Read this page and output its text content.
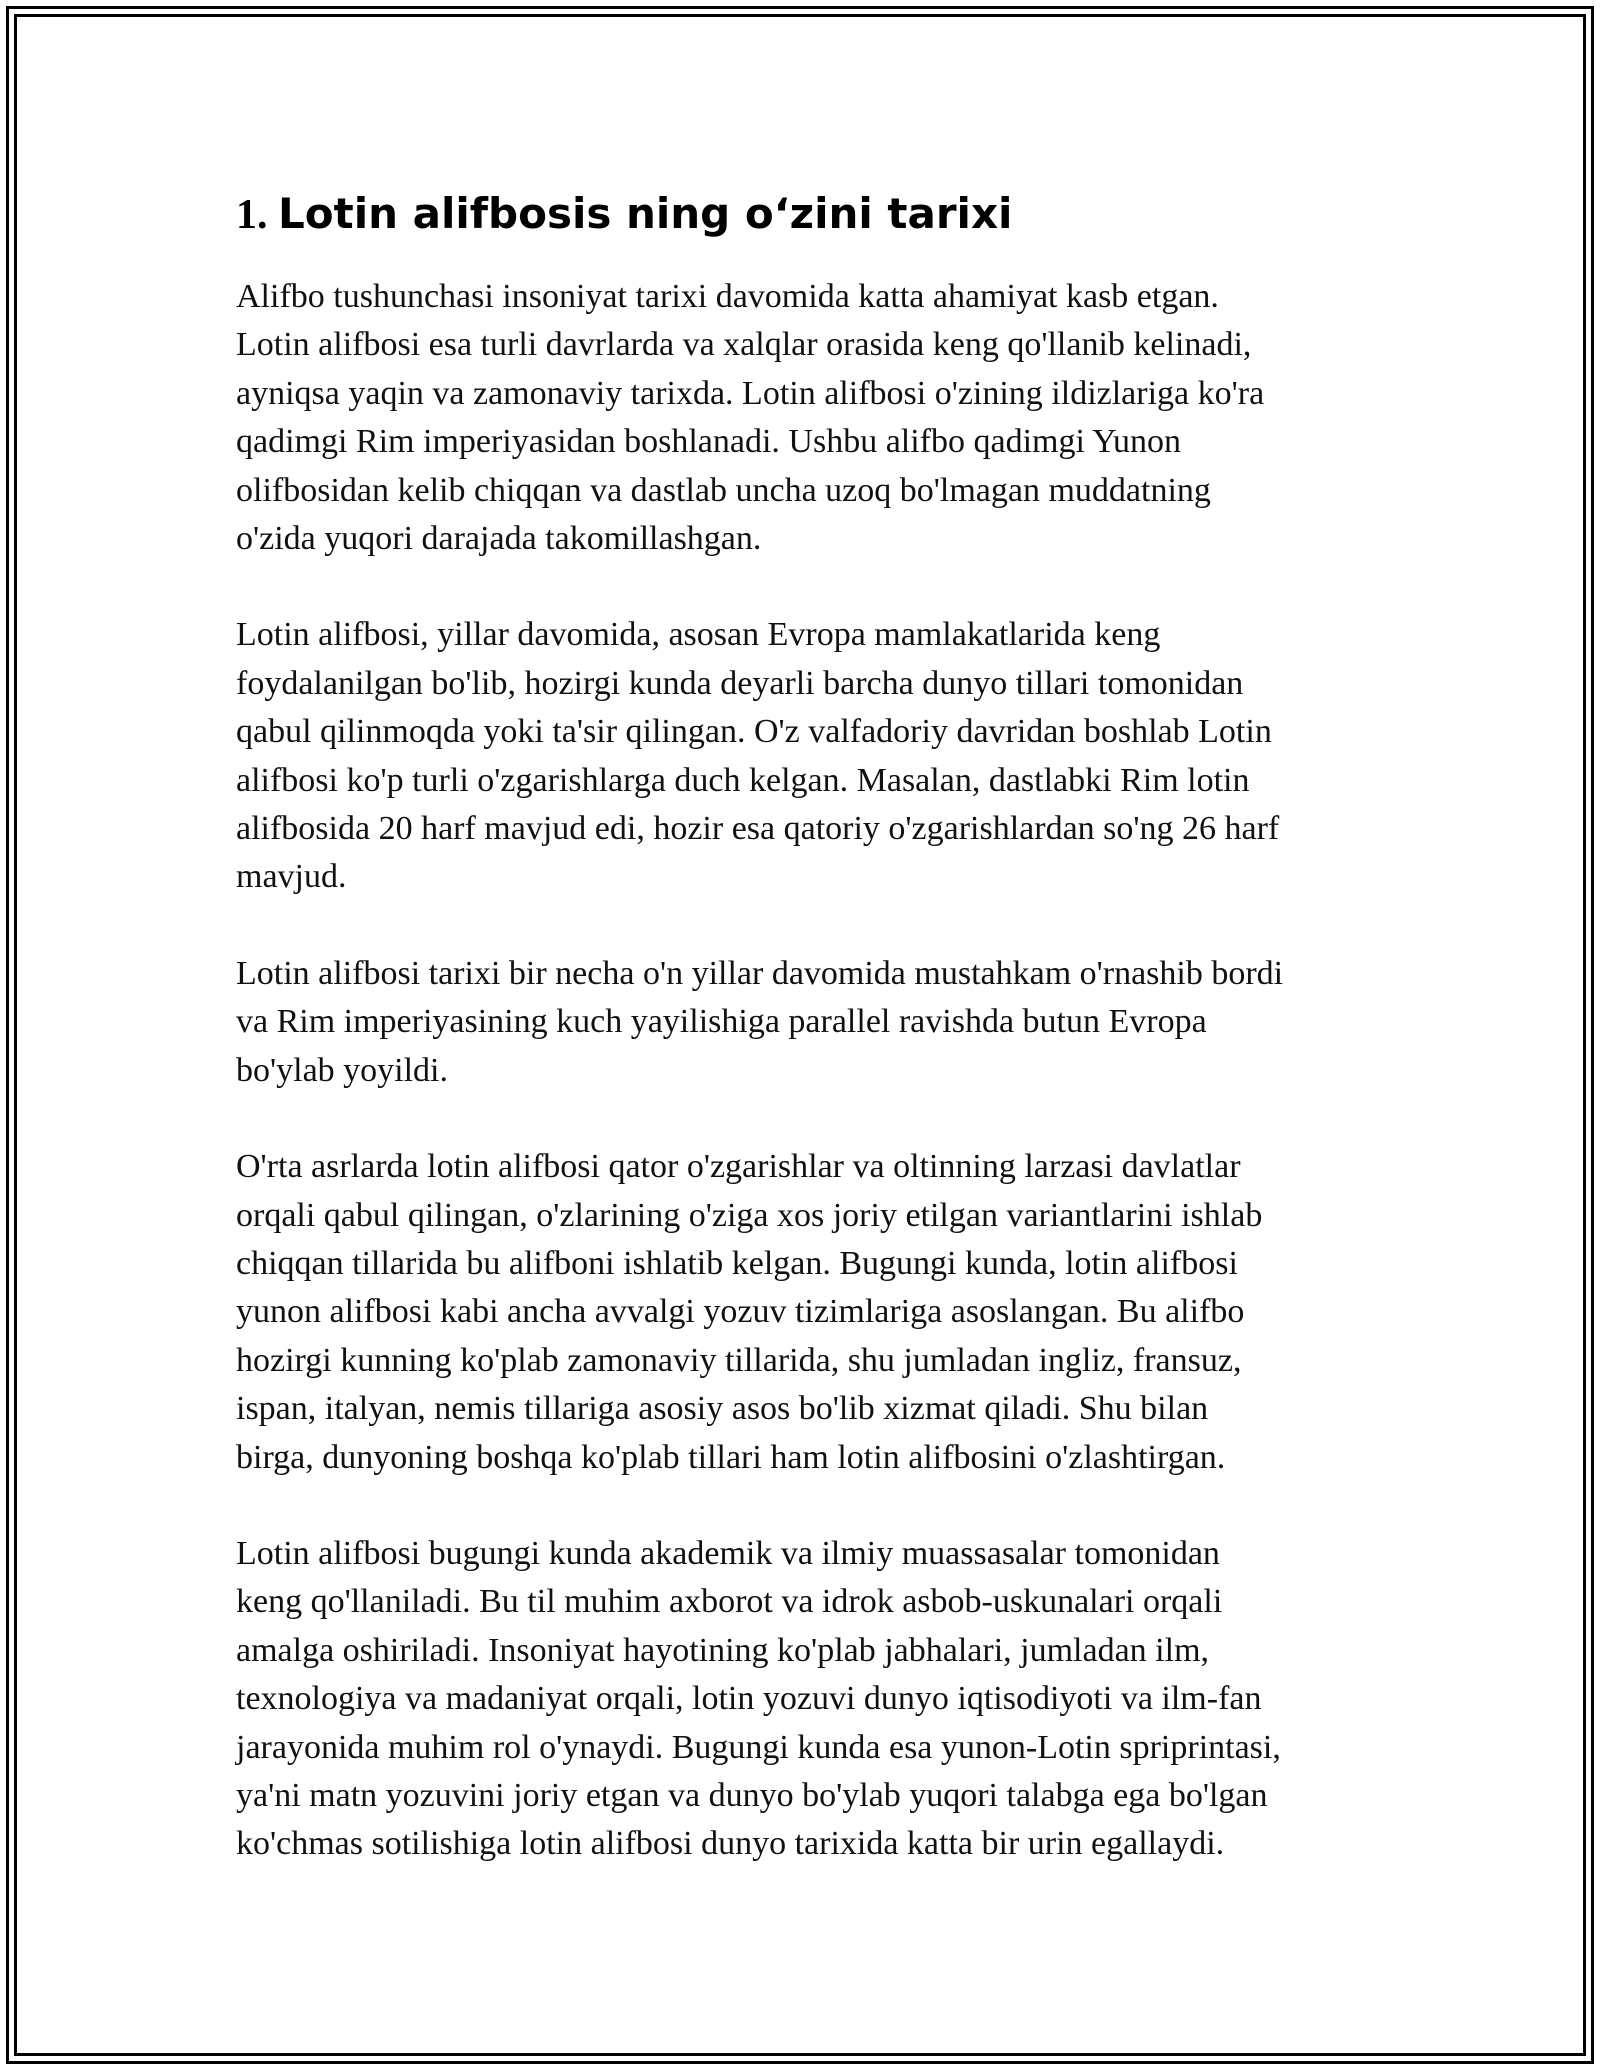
1. Lotin alifbosis ning oʻzini tarixi

Alifbo tushunchasi insoniyat tarixi davomida katta ahamiyat kasb etgan.
Lotin alifbosi esa turli davrlarda va xalqlar orasida keng qo'llanib kelinadi,
ayniqsa yaqin va zamonaviy tarixda. Lotin alifbosi o'zining ildizlariga ko'ra
qadimgi Rim imperiyasidan boshlanadi. Ushbu alifbo qadimgi Yunon
olifbosidan kelib chiqqan va dastlab uncha uzoq bo'lmagan muddatning
o'zida yuqori darajada takomillashgan.

Lotin alifbosi, yillar davomida, asosan Evropa mamlakatlarida keng
foydalanilgan bo'lib, hozirgi kunda deyarli barcha dunyo tillari tomonidan
qabul qilinmoqda yoki ta'sir qilingan. O'z valfadoriy davridan boshlab Lotin
alifbosi ko'p turli o'zgarishlarga duch kelgan. Masalan, dastlabki Rim lotin
alifbosida 20 harf mavjud edi, hozir esa qatoriy o'zgarishlardan so'ng 26 harf
mavjud.

Lotin alifbosi tarixi bir necha o'n yillar davomida mustahkam o'rnashib bordi
va Rim imperiyasining kuch yayilishiga parallel ravishda butun Evropa
bo'ylab yoyildi.

O'rta asrlarda lotin alifbosi qator o'zgarishlar va oltinning larzasi davlatlar
orqali qabul qilingan, o'zlarining o'ziga xos joriy etilgan variantlarini ishlab
chiqqan tillarida bu alifboni ishlatib kelgan. Bugungi kunda, lotin alifbosi
yunon alifbosi kabi ancha avvalgi yozuv tizimlariga asoslangan. Bu alifbo
hozirgi kunning ko'plab zamonaviy tillarida, shu jumladan ingliz, fransuz,
ispan, italyan, nemis tillariga asosiy asos bo'lib xizmat qiladi. Shu bilan
birga, dunyoning boshqa ko'plab tillari ham lotin alifbosini o'zlashtirgan.

Lotin alifbosi bugungi kunda akademik va ilmiy muassasalar tomonidan
keng qo'llaniladi. Bu til muhim axborot va idrok asbob-uskunalari orqali
amalga oshiriladi. Insoniyat hayotining ko'plab jabhalari, jumladan ilm,
texnologiya va madaniyat orqali, lotin yozuvi dunyo iqtisodiyoti va ilm-fan
jarayonida muhim rol o'ynaydi. Bugungi kunda esa yunon-Lotin spriprintasi,
ya'ni matn yozuvini joriy etgan va dunyo bo'ylab yuqori talabga ega bo'lgan
ko'chmas sotilishiga lotin alifbosi dunyo tarixida katta bir urin egallaydi.
